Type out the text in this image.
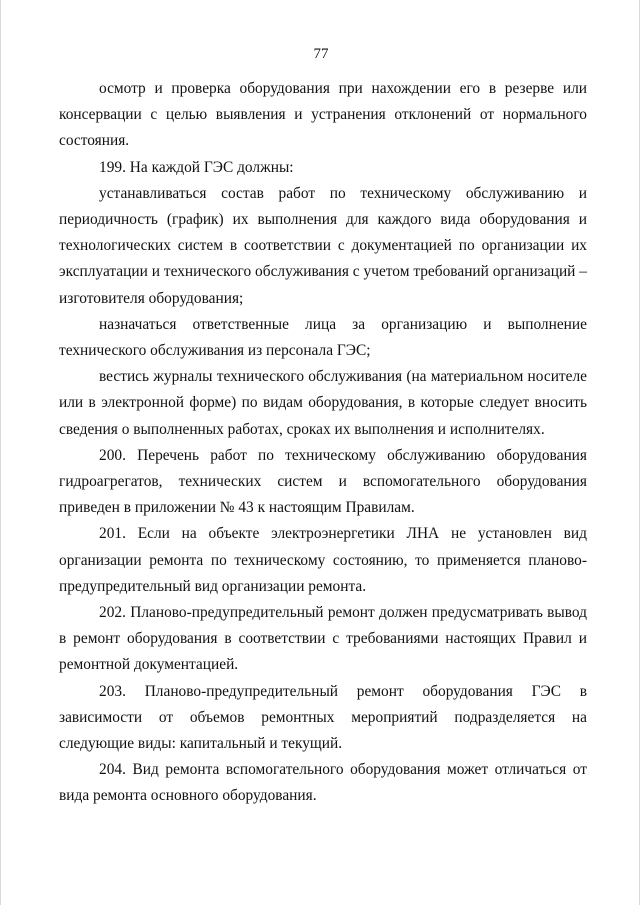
77

осмотр и проверка оборудования при нахождении его в резерве или консервации с целью выявления и устранения отклонений от нормального состояния.

199. На каждой ГЭС должны:

устанавливаться состав работ по техническому обслуживанию и периодичность (график) их выполнения для каждого вида оборудования и технологических систем в соответствии с документацией по организации их эксплуатации и технического обслуживания с учетом требований организаций – изготовителя оборудования;

назначаться ответственные лица за организацию и выполнение технического обслуживания из персонала ГЭС;

вестись журналы технического обслуживания (на материальном носителе или в электронной форме) по видам оборудования, в которые следует вносить сведения о выполненных работах, сроках их выполнения и исполнителях.

200. Перечень работ по техническому обслуживанию оборудования гидроагрегатов, технических систем и вспомогательного оборудования приведен в приложении № 43 к настоящим Правилам.

201. Если на объекте электроэнергетики ЛНА не установлен вид организации ремонта по техническому состоянию, то применяется планово-предупредительный вид организации ремонта.

202. Планово-предупредительный ремонт должен предусматривать вывод в ремонт оборудования в соответствии с требованиями настоящих Правил и ремонтной документацией.

203. Планово-предупредительный ремонт оборудования ГЭС в зависимости от объемов ремонтных мероприятий подразделяется на следующие виды: капитальный и текущий.

204. Вид ремонта вспомогательного оборудования может отличаться от вида ремонта основного оборудования.
